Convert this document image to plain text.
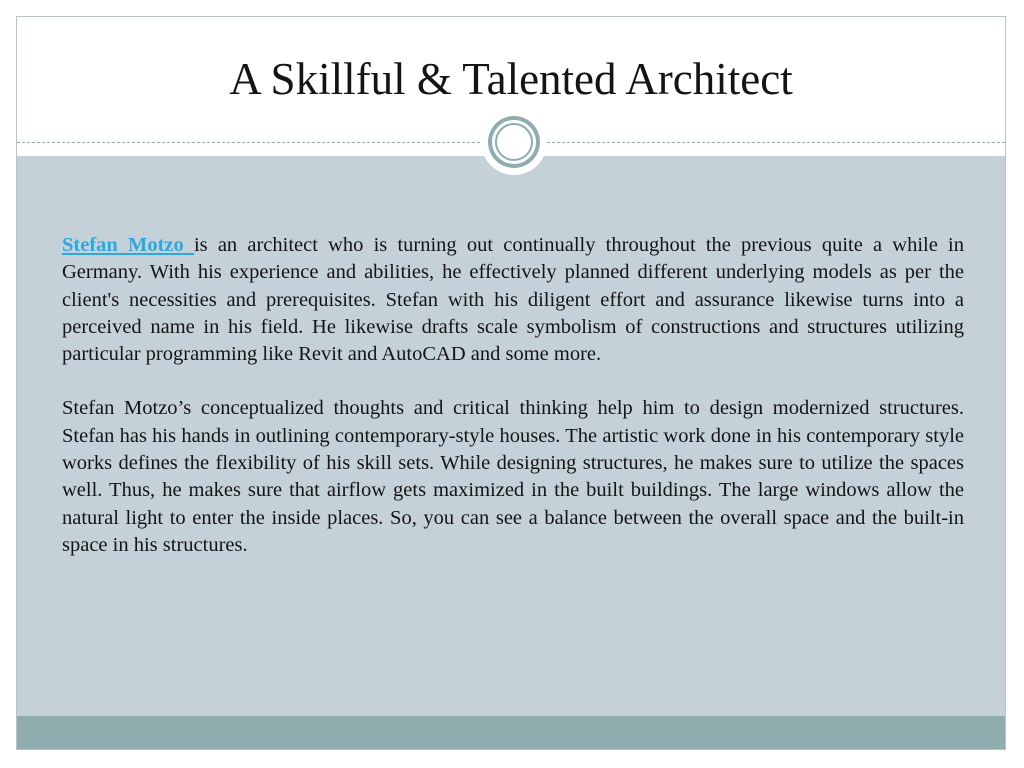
A Skillful & Talented Architect

Stefan Motzo is an architect who is turning out continually throughout the previous quite a while in Germany. With his experience and abilities, he effectively planned different underlying models as per the client's necessities and prerequisites. Stefan with his diligent effort and assurance likewise turns into a perceived name in his field. He likewise drafts scale symbolism of constructions and structures utilizing particular programming like Revit and AutoCAD and some more.

Stefan Motzo’s conceptualized thoughts and critical thinking help him to design modernized structures. Stefan has his hands in outlining contemporary-style houses. The artistic work done in his contemporary style works defines the flexibility of his skill sets. While designing structures, he makes sure to utilize the spaces well. Thus, he makes sure that airflow gets maximized in the built buildings. The large windows allow the natural light to enter the inside places. So, you can see a balance between the overall space and the built-in space in his structures.
